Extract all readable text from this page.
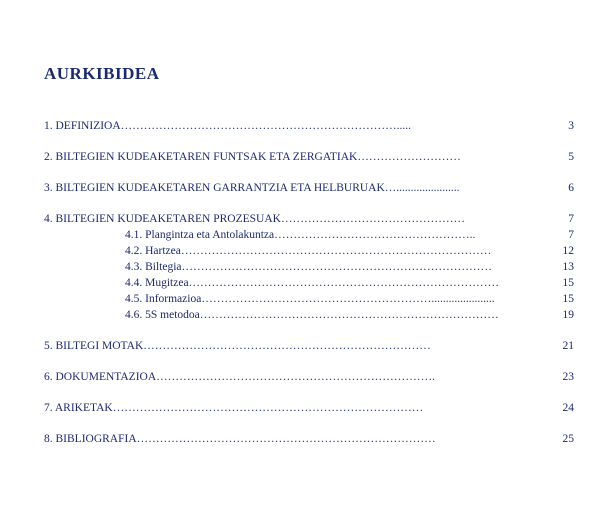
AURKIBIDEA
1. DEFINIZIOA……………………………………………………………….....	3
2. BILTEGIEN KUDEAKETAREN FUNTSAK ETA ZERGATIAK………………………	5
3. BILTEGIEN KUDEAKETAREN GARRANTZIA ETA HELBURUAK…......................	6
4. BILTEGIEN KUDEAKETAREN PROZESUAK…………………………………………	7
4.1. Plangintza eta Antolakuntza……………………………………………..	7
4.2. Hartzea………………………………………………………………………	12
4.3. Biltegia………………………………………………………………………	13
4.4. Mugitzea………………………………………………………………………	15
4.5. Informazioa……………………………………………………......................	15
4.6. 5S metodoa……………………………………………………………………	19
5. BILTEGI MOTAK…………………………………………………………………	21
6. DOKUMENTAZIOA……………………………………………………………….	23
7. ARIKETAK………………………………………………………………………	24
8. BIBLIOGRAFIA……………………………………………………………………	25
